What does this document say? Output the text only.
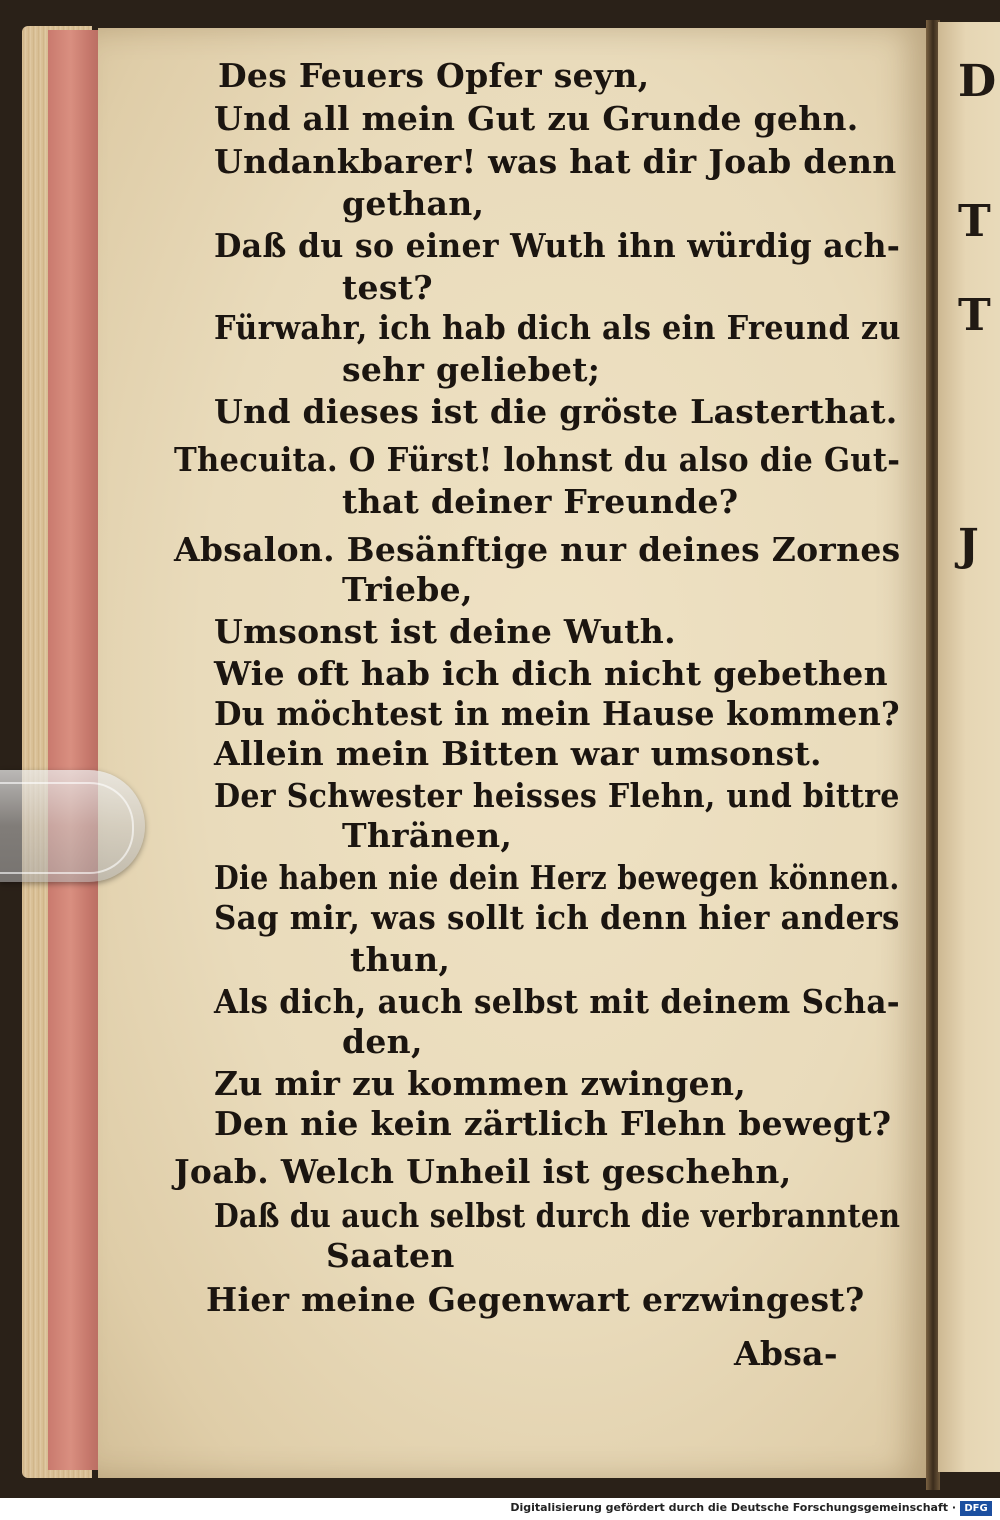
D
T
T
J
Des Feuers Opfer seyn,
Und all mein Gut zu Grunde gehn.
Undankbarer! was hat dir Joab denn
gethan,
Daß du so einer Wuth ihn würdig ach-
test?
Fürwahr, ich hab dich als ein Freund zu
sehr geliebet;
Und dieses ist die gröste Lasterthat.
Thecuita. O Fürst! lohnst du also die Gut-
that deiner Freunde?
Absalon. Besänftige nur deines Zornes
Triebe,
Umsonst ist deine Wuth.
Wie oft hab ich dich nicht gebethen
Du möchtest in mein Hause kommen?
Allein mein Bitten war umsonst.
Der Schwester heisses Flehn, und bittre
Thränen,
Die haben nie dein Herz bewegen können.
Sag mir, was sollt ich denn hier anders
thun,
Als dich, auch selbst mit deinem Scha-
den,
Zu mir zu kommen zwingen,
Den nie kein zärtlich Flehn bewegt?
Joab. Welch Unheil ist geschehn,
Daß du auch selbst durch die verbrannten
Saaten
Hier meine Gegenwart erzwingest?
Absa-
Digitalisierung gefördert durch die Deutsche Forschungsgemeinschaft · DFG
